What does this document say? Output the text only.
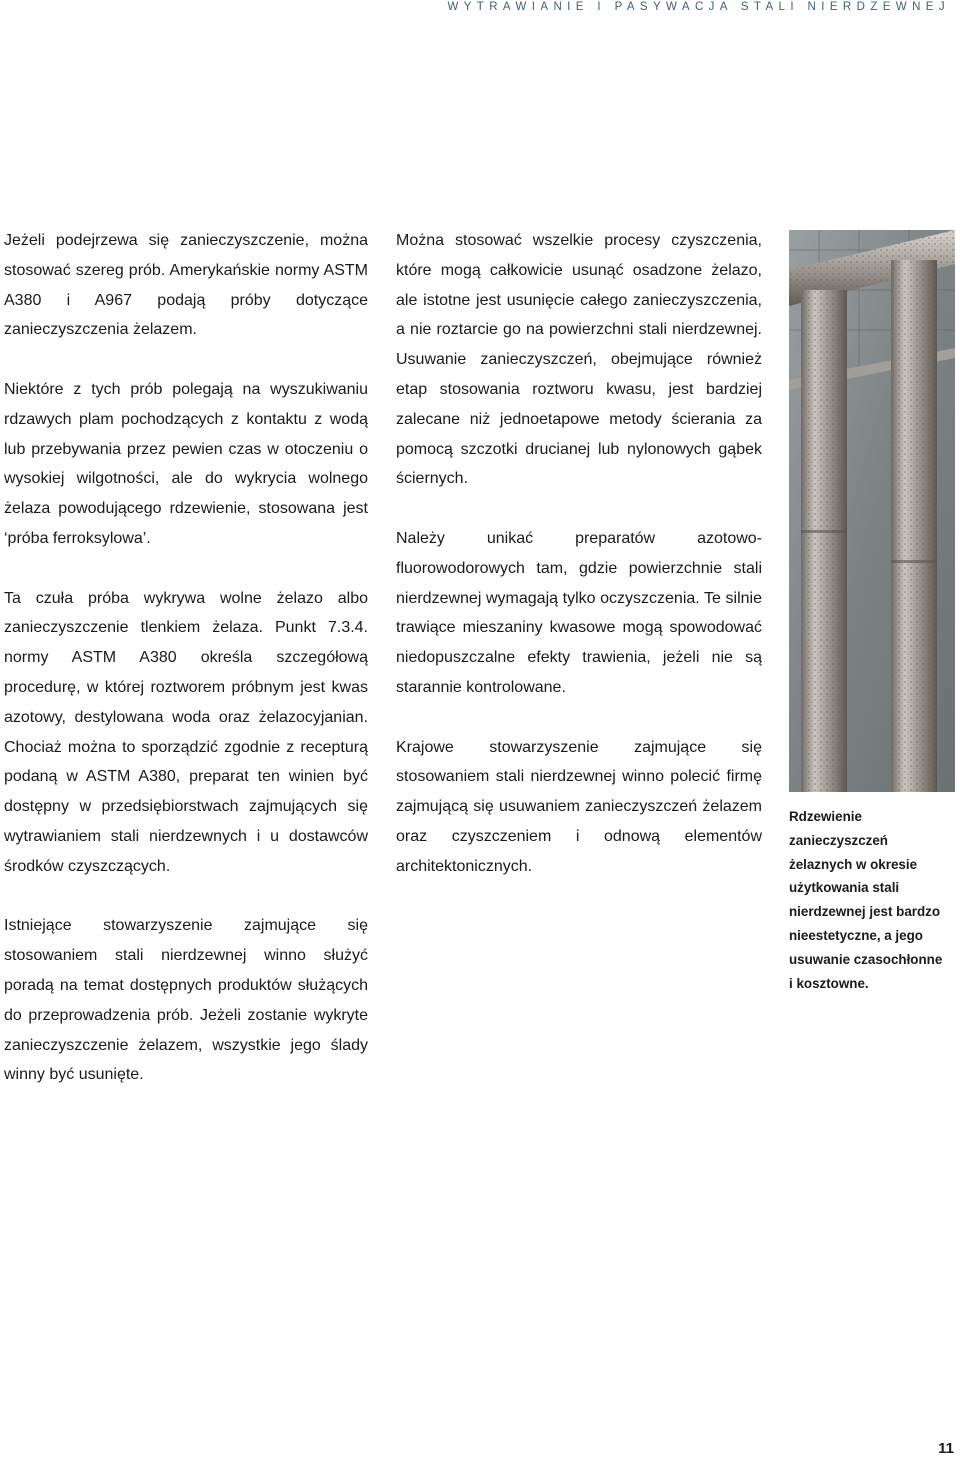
WYTRAWIANIE I PASYWACJA STALI NIERDZEWNEJ

Jeżeli podejrzewa się zanieczyszczenie, można stosować szereg prób. Amerykańskie normy ASTM A380 i A967 podają próby dotyczące zanieczyszczenia żelazem.

Niektóre z tych prób polegają na wyszukiwaniu rdzawych plam pochodzących z kontaktu z wodą lub przebywania przez pewien czas w otoczeniu o wysokiej wilgotności, ale do wykrycia wolnego żelaza powodującego rdzewienie, stosowana jest ‘próba ferroksylowa’.

Ta czuła próba wykrywa wolne żelazo albo zanieczyszczenie tlenkiem żelaza. Punkt 7.3.4. normy ASTM A380 określa szczegółową procedurę, w której roztworem próbnym jest kwas azotowy, destylowana woda oraz żelazocyjanian. Chociaż można to sporządzić zgodnie z recepturą podaną w ASTM A380, preparat ten winien być dostępny w przedsiębiorstwach zajmujących się wytrawianiem stali nierdzewnych i u dostawców środków czyszczących.

Istniejące stowarzyszenie zajmujące się stosowaniem stali nierdzewnej winno służyć poradą na temat dostępnych produktów służących do przeprowadzenia prób. Jeżeli zostanie wykryte zanieczyszczenie żelazem, wszystkie jego ślady winny być usunięte.

Można stosować wszelkie procesy czyszczenia, które mogą całkowicie usunąć osadzone żelazo, ale istotne jest usunięcie całego zanieczyszczenia, a nie roztarcie go na powierzchni stali nierdzewnej. Usuwanie zanieczyszczeń, obejmujące również etap stosowania roztworu kwasu, jest bardziej zalecane niż jednoetapowe metody ścierania za pomocą szczotki drucianej lub nylonowych gąbek ściernych.

Należy unikać preparatów azotowo-fluorowodorowych tam, gdzie powierzchnie stali nierdzewnej wymagają tylko oczyszczenia. Te silnie trawiące mieszaniny kwasowe mogą spowodować niedopuszczalne efekty trawienia, jeżeli nie są starannie kontrolowane.

Krajowe stowarzyszenie zajmujące się stosowaniem stali nierdzewnej winno polecić firmę zajmującą się usuwaniem zanieczyszczeń żelazem oraz czyszczeniem i odnową elementów architektonicznych.

Rdzewienie zanieczyszczeń żelaznych w okresie użytkowania stali nierdzewnej jest bardzo nieestetyczne, a jego usuwanie czasochłonne i kosztowne.
11
